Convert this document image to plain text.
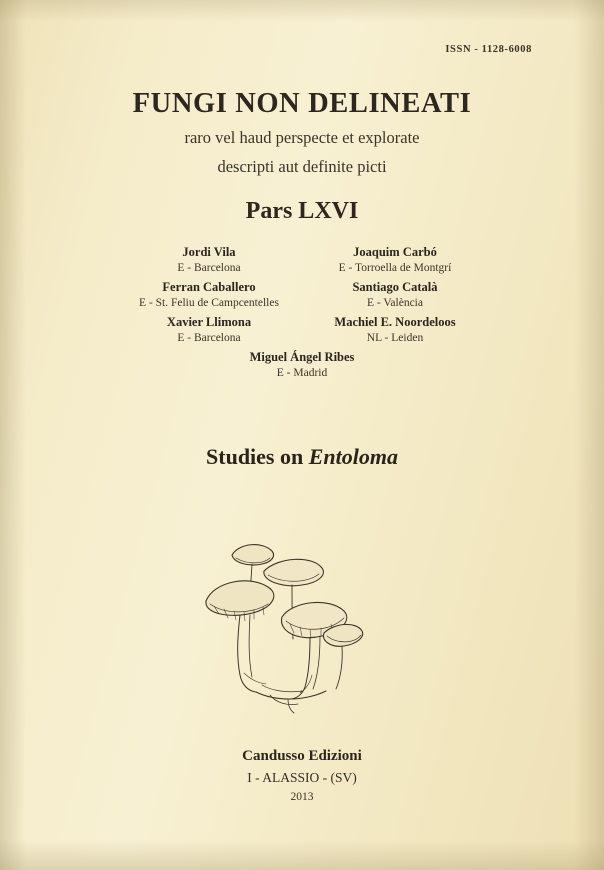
ISSN - 1128-6008
FUNGI NON DELINEATI
raro vel haud perspecte et explorate
descripti aut definite picti
Pars LXVI
Jordi Vila
E - Barcelona
Joaquim Carbó
E - Torroella de Montgrí
Ferran Caballero
E - St. Feliu de Campcentelles
Santiago Català
E - València
Xavier Llimona
E - Barcelona
Machiel E. Noordeloos
NL - Leiden
Miguel Ángel Ribes
E - Madrid
Studies on Entoloma
Candusso Edizioni
I - ALASSIO - (SV)
2013
